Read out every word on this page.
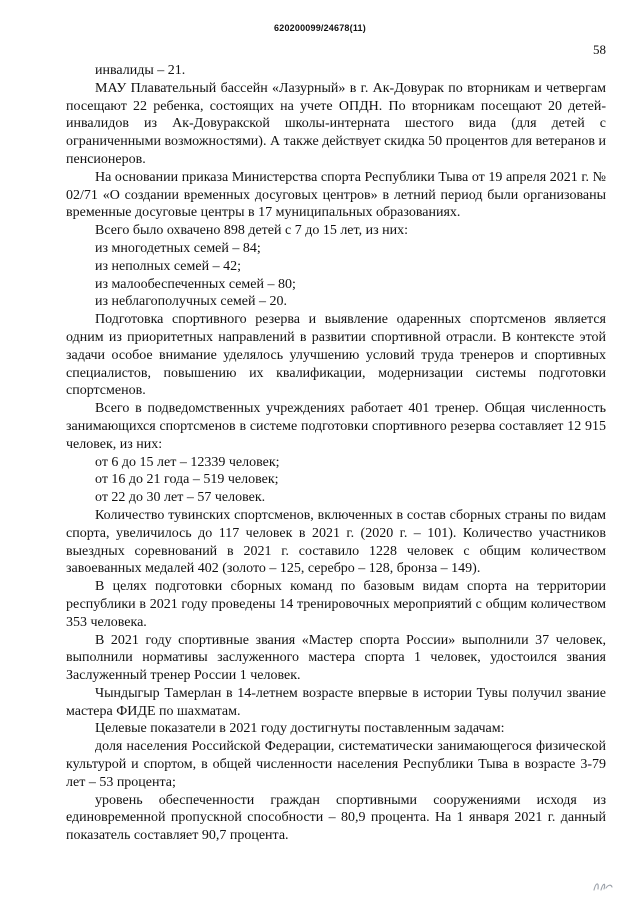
620200099/24678(11)
58

инвалиды – 21.

МАУ Плавательный бассейн «Лазурный» в г. Ак-Довурак по вторникам и четвергам посещают 22 ребенка, состоящих на учете ОПДН. По вторникам посещают 20 детей-инвалидов из Ак-Довуракской школы-интерната шестого вида (для детей с ограниченными возможностями). А также действует скидка 50 процентов для ветеранов и пенсионеров.

На основании приказа Министерства спорта Республики Тыва от 19 апреля 2021 г. № 02/71 «О создании временных досуговых центров» в летний период были организованы временные досуговые центры в 17 муниципальных образованиях.

Всего было охвачено 898 детей с 7 до 15 лет, из них:

из многодетных семей – 84;

из неполных семей – 42;

из малообеспеченных семей – 80;

из неблагополучных семей – 20.

Подготовка спортивного резерва и выявление одаренных спортсменов является одним из приоритетных направлений в развитии спортивной отрасли. В контексте этой задачи особое внимание уделялось улучшению условий труда тренеров и спортивных специалистов, повышению их квалификации, модернизации системы подготовки спортсменов.

Всего в подведомственных учреждениях работает 401 тренер. Общая численность занимающихся спортсменов в системе подготовки спортивного резерва составляет 12 915 человек, из них:

от 6 до 15 лет – 12339 человек;

от 16 до 21 года – 519 человек;

от 22 до 30 лет – 57 человек.

Количество тувинских спортсменов, включенных в состав сборных страны по видам спорта, увеличилось до 117 человек в 2021 г. (2020 г. – 101). Количество участников выездных соревнований в 2021 г. составило 1228 человек с общим количеством завоеванных медалей 402 (золото – 125, серебро – 128, бронза – 149).

В целях подготовки сборных команд по базовым видам спорта на территории республики в 2021 году проведены 14 тренировочных мероприятий с общим количеством 353 человека.

В 2021 году спортивные звания «Мастер спорта России» выполнили 37 человек, выполнили нормативы заслуженного мастера спорта 1 человек, удостоился звания Заслуженный тренер России 1 человек.

Чындыгыр Тамерлан в 14-летнем возрасте впервые в истории Тувы получил звание мастера ФИДЕ по шахматам.

Целевые показатели в 2021 году достигнуты поставленным задачам:

доля населения Российской Федерации, систематически занимающегося физической культурой и спортом, в общей численности населения Республики Тыва в возрасте 3-79 лет – 53 процента;

уровень обеспеченности граждан спортивными сооружениями исходя из единовременной пропускной способности – 80,9 процента. На 1 января 2021 г. данный показатель составляет 90,7 процента.
